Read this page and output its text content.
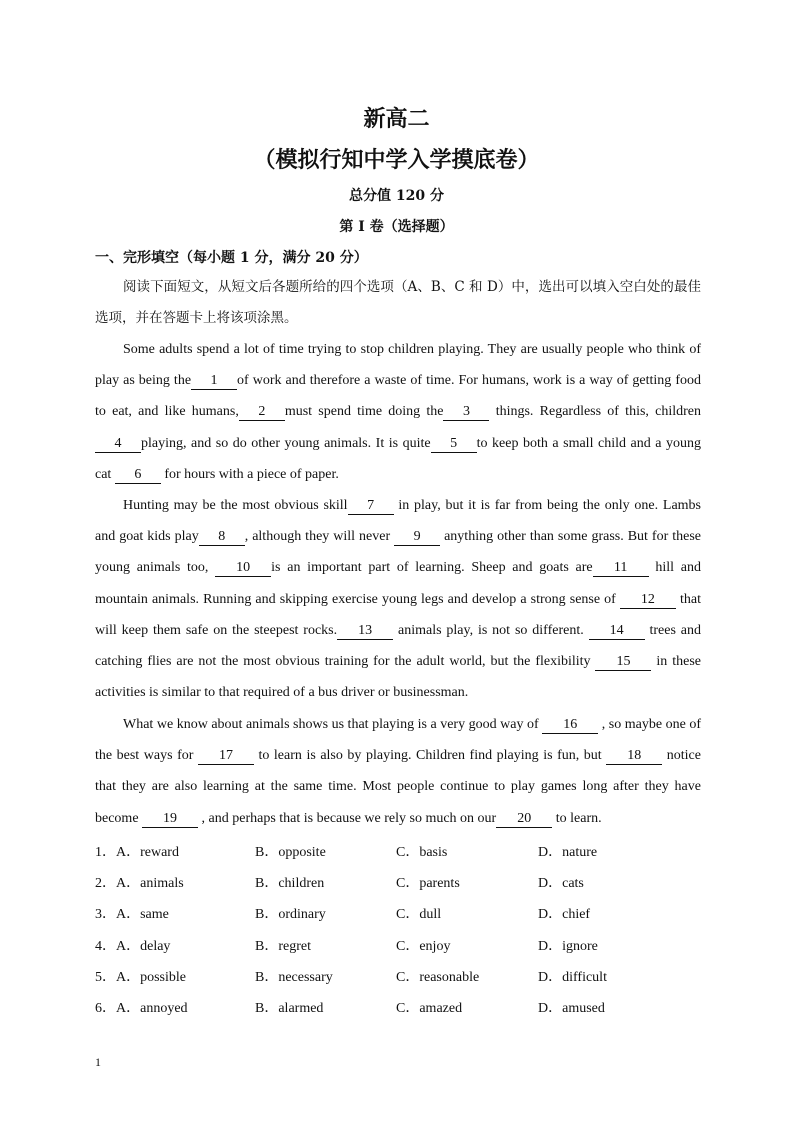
新高二
（模拟行知中学入学摸底卷）
总分值 120 分
第 I 卷（选择题）
一、完形填空（每小题 1 分，满分 20 分）

阅读下面短文，从短文后各题所给的四个选项（A、B、C 和 D）中，选出可以填入空白处的最佳选项，并在答题卡上将该项涂黑。

Some adults spend a lot of time trying to stop children playing. They are usually people who think of play as being the 1 of work and therefore a waste of time. For humans, work is a way of getting food to eat, and like humans, 2 must spend time doing the 3 things. Regardless of this, children 4 playing, and so do other young animals. It is quite 5 to keep both a small child and a young cat 6 for hours with a piece of paper.

Hunting may be the most obvious skill 7 in play, but it is far from being the only one. Lambs and goat kids play 8 , although they will never 9 anything other than some grass. But for these young animals too, 10 is an important part of learning. Sheep and goats are 11 hill and mountain animals. Running and skipping exercise young legs and develop a strong sense of 12 that will keep them safe on the steepest rocks. 13 animals play, is not so different. 14 trees and catching flies are not the most obvious training for the adult world, but the flexibility 15 in these activities is similar to that required of a bus driver or businessman.

What we know about animals shows us that playing is a very good way of 16 , so maybe one of the best ways for 17 to learn is also by playing. Children find playing is fun, but 18 notice that they are also learning at the same time. Most people continue to play games long after they have become 19 , and perhaps that is because we rely so much on our 20 to learn.

1．A．reward	B．opposite	C．basis	D．nature
2．A．animals	B．children	C．parents	D．cats
3．A．same	B．ordinary	C．dull	D．chief
4．A．delay	B．regret	C．enjoy	D．ignore
5．A．possible	B．necessary	C．reasonable	D．difficult
6．A．annoyed	B．alarmed	C．amazed	D．amused
1
